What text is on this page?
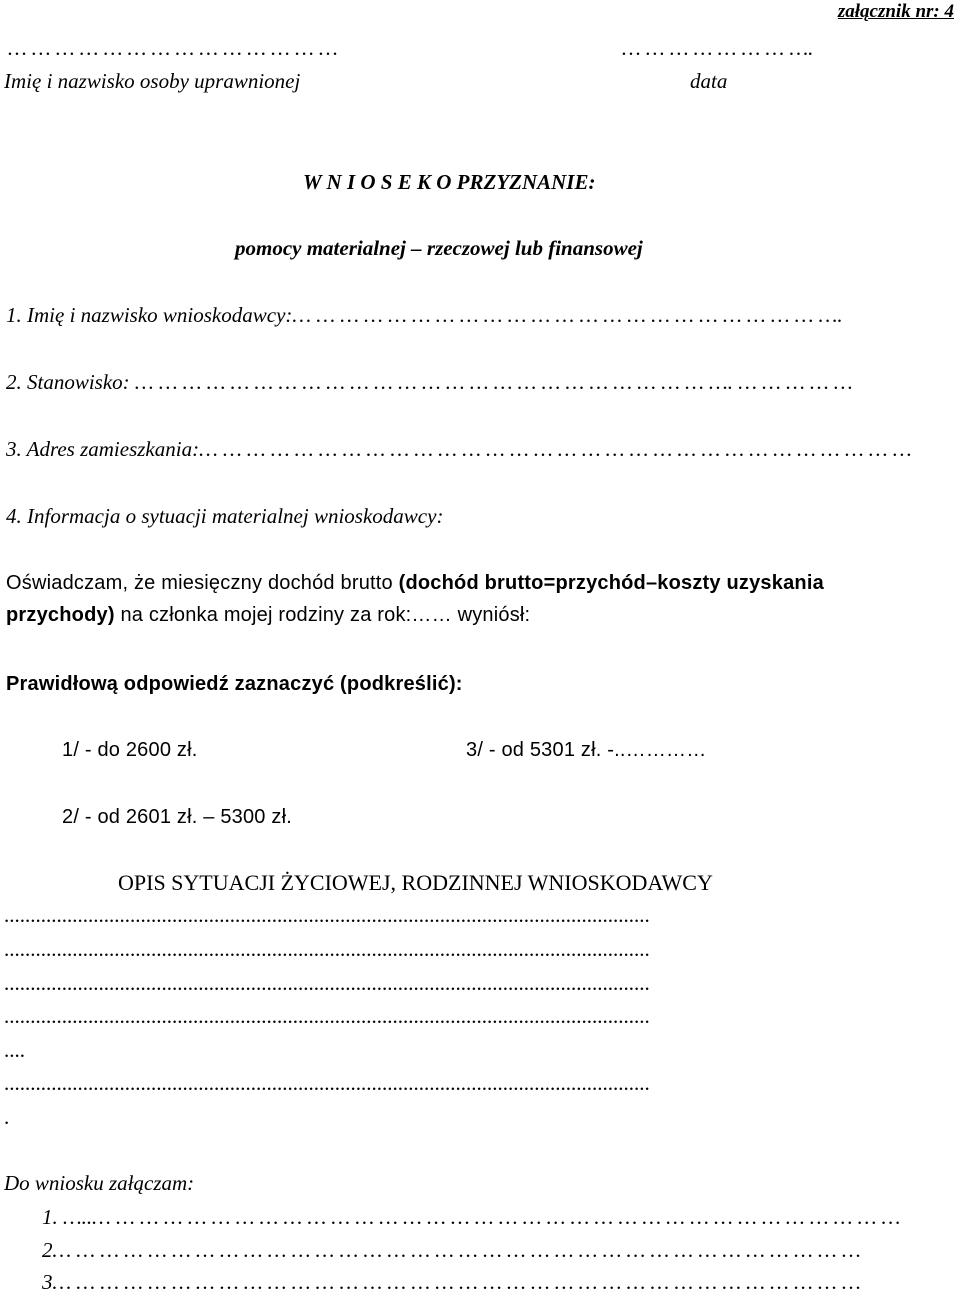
załącznik nr: 4
… … … … … … … … … … … … … …	… … … … … … … ….
Imię i nazwisko osoby uprawnionej	data
W N I O S E K O PRZYZNANIE:
pomocy materialnej – rzeczowej lub finansowej
1. Imię i nazwisko wnioskodawcy:… … … … … … … … … … … … … … … … … … … … … … ….
2. Stanowisko: … … … … … … … … … … … … … … … … … … … … … … … … …. … … … … …
3. Adres zamieszkania:… … … … … … … … … … … … … … … … … … … … … … … … … … … … … …
4. Informacja o sytuacji materialnej wnioskodawcy:
Oświadczam, że miesięczny dochód brutto (dochód brutto=przychód–koszty uzyskania
przychody) na członka mojej rodziny za rok:…… wyniósł:
Prawidłową odpowiedź zaznaczyć (podkreślić):
1/ - do 2600 zł.	3/ - od 5301 zł. -..…………
2/ - od 2601 zł. – 5300 zł.
OPIS SYTUACJI ŻYCIOWEJ, RODZINNEJ WNIOSKODAWCY
...........................................................................................................................
...........................................................................................................................
...........................................................................................................................
...........................................................................................................................
....
...........................................................................................................................
.
Do wniosku załączam:
1. …..… … … … … … … … … … … … … … … … … … … … … … … … … … … … … … … … … …
2… … … … … … … … … … … … … … … … … … … … … … … … … … … … … … … … … …
3… … … … … … … … … … … … … … … … … … … … … … … … … … … … … … … … … …
